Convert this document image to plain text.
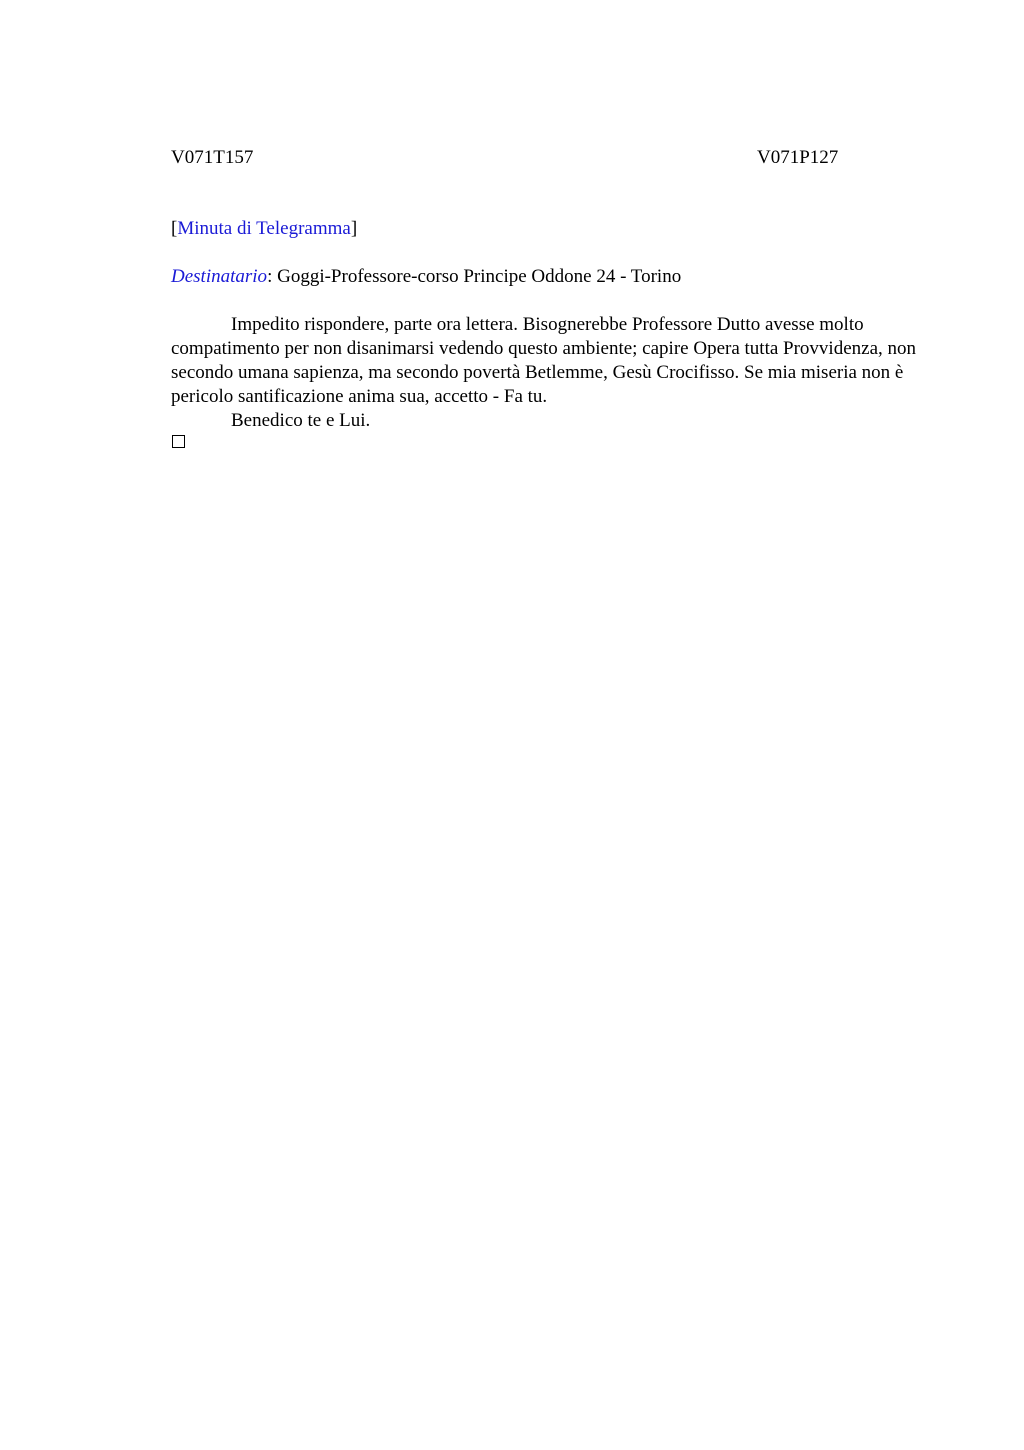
V071T157	V071P127
[Minuta di Telegramma]
Destinatario: Goggi-Professore-corso Principe Oddone 24 - Torino

Impedito rispondere, parte ora lettera. Bisognerebbe Professore Dutto avesse molto compatimento per non disanimarsi vedendo questo ambiente; capire Opera tutta Provvidenza, non secondo umana sapienza, ma secondo povertà Betlemme, Gesù Crocifisso. Se mia miseria non è pericolo santificazione anima sua, accetto - Fa tu.

Benedico te e Lui.
